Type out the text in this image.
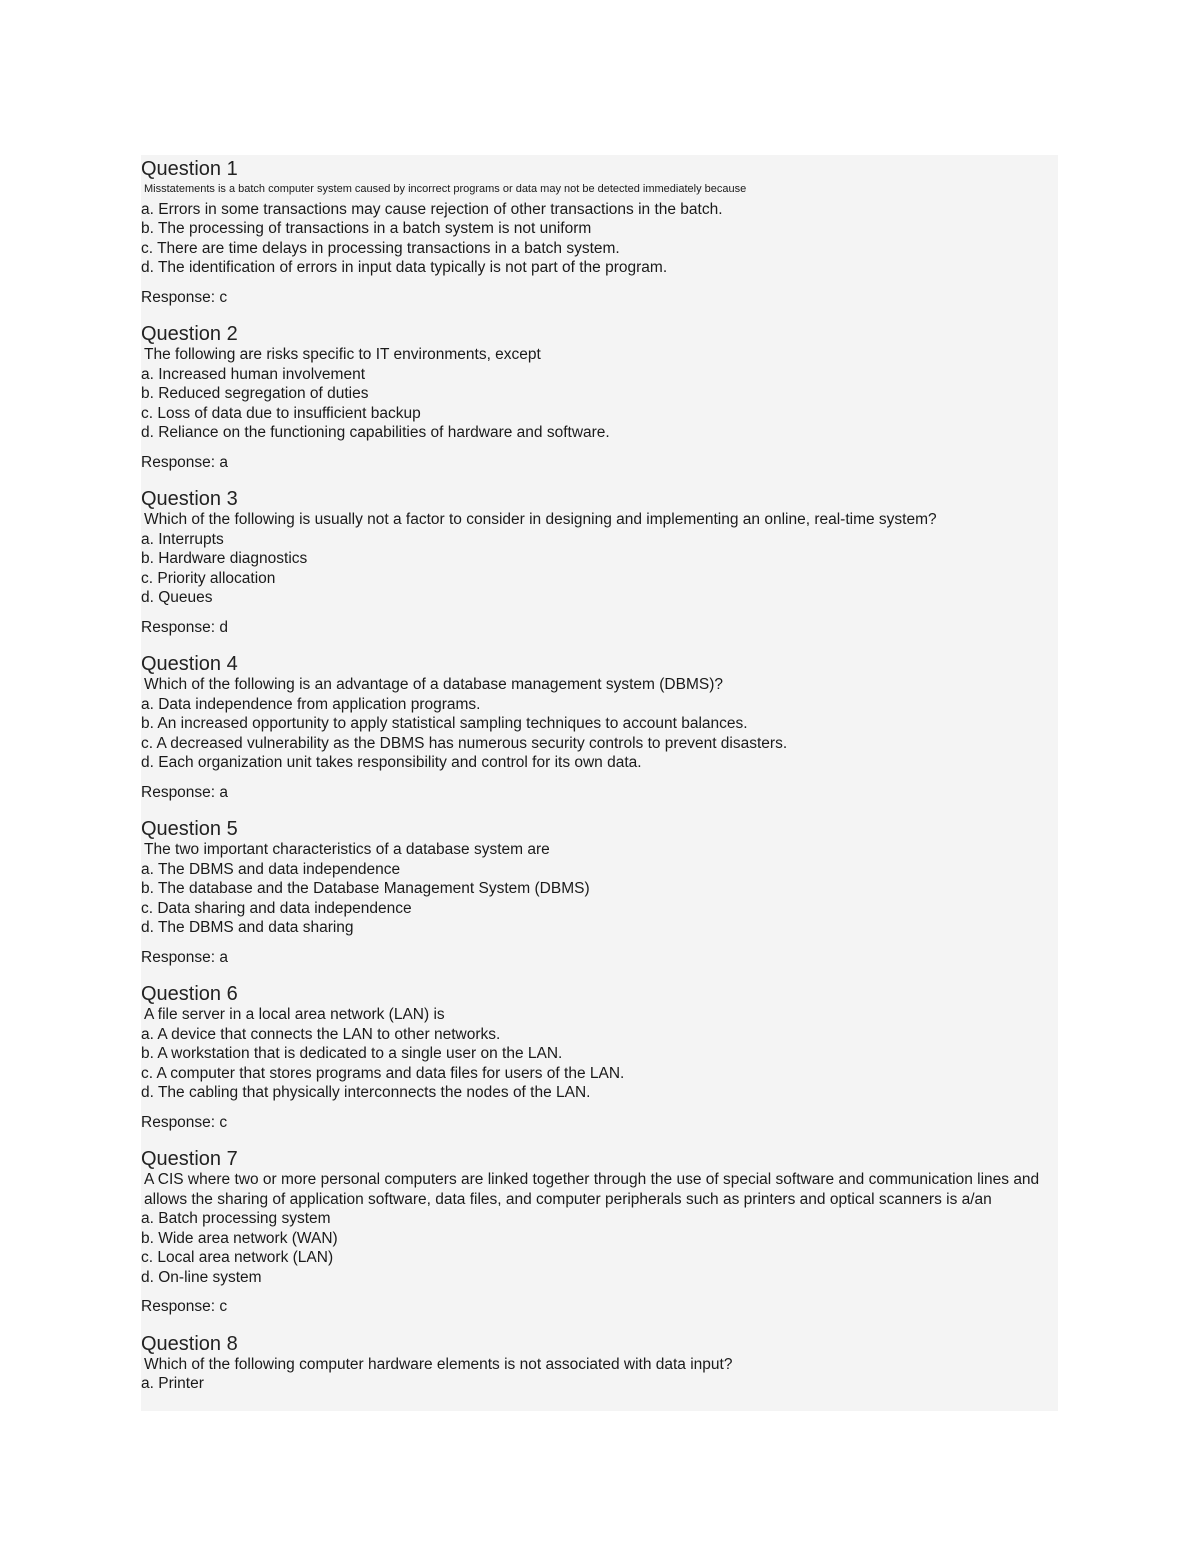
Question 1
Misstatements is a batch computer system caused by incorrect programs or data may not be detected immediately because
a. Errors in some transactions may cause rejection of other transactions in the batch.
b. The processing of transactions in a batch system is not uniform
c. There are time delays in processing transactions in a batch system.
d. The identification of errors in input data typically is not part of the program.
Response: c
Question 2
The following are risks specific to IT environments, except
a. Increased human involvement
b. Reduced segregation of duties
c. Loss of data due to insufficient backup
d. Reliance on the functioning capabilities of hardware and software.
Response: a
Question 3
Which of the following is usually not a factor to consider in designing and implementing an online, real-time system?
a. Interrupts
b. Hardware diagnostics
c. Priority allocation
d. Queues
Response: d
Question 4
Which of the following is an advantage of a database management system (DBMS)?
a. Data independence from application programs.
b. An increased opportunity to apply statistical sampling techniques to account balances.
c. A decreased vulnerability as the DBMS has numerous security controls to prevent disasters.
d. Each organization unit takes responsibility and control for its own data.
Response: a
Question 5
The two important characteristics of a database system are
a. The DBMS and data independence
b. The database and the Database Management System (DBMS)
c. Data sharing and data independence
d. The DBMS and data sharing
Response: a
Question 6
A file server in a local area network (LAN) is
a. A device that connects the LAN to other networks.
b. A workstation that is dedicated to a single user on the LAN.
c. A computer that stores programs and data files for users of the LAN.
d. The cabling that physically interconnects the nodes of the LAN.
Response: c
Question 7
A CIS where two or more personal computers are linked together through the use of special software and communication lines and allows the sharing of application software, data files, and computer peripherals such as printers and optical scanners is a/an
a. Batch processing system
b. Wide area network (WAN)
c. Local area network (LAN)
d. On-line system
Response: c
Question 8
Which of the following computer hardware elements is not associated with data input?
a. Printer
